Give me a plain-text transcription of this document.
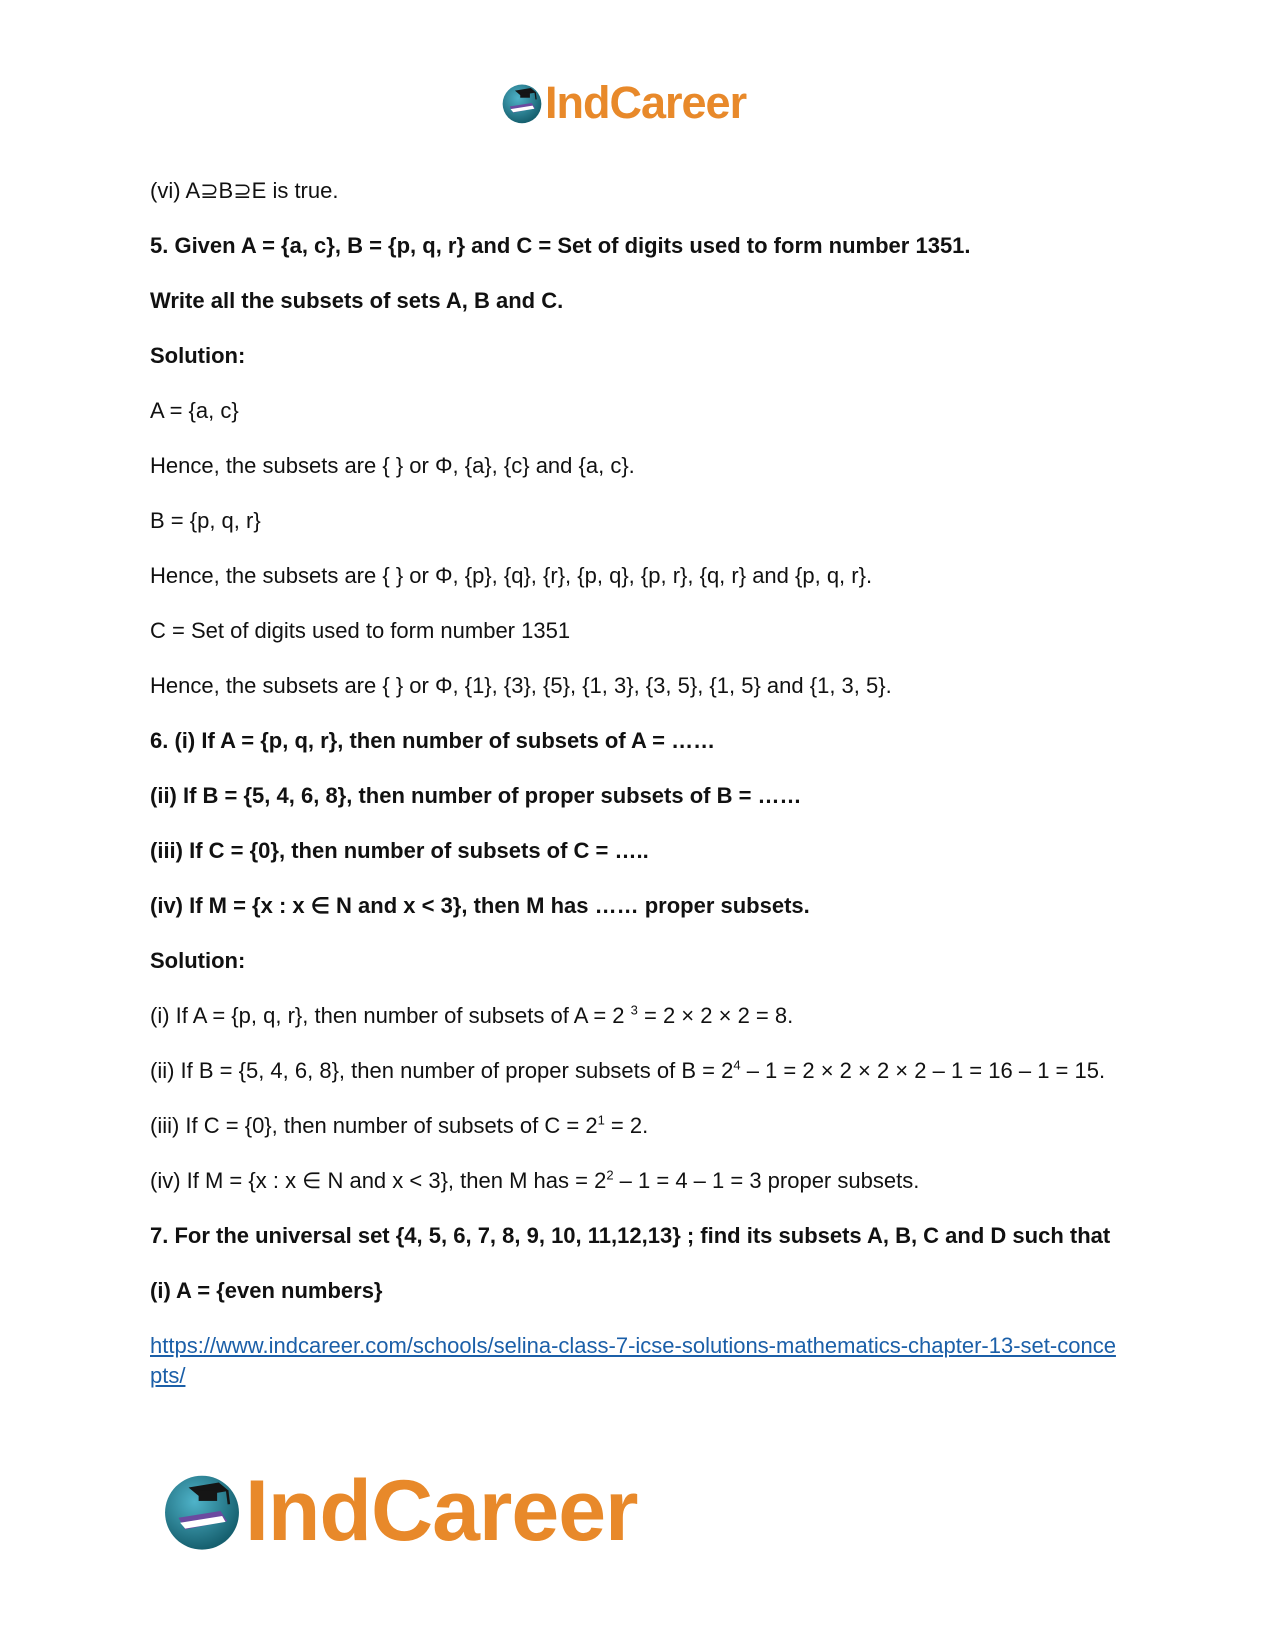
IndCareer

(vi) A⊇B⊇E is true.

5. Given A = {a, c}, B = {p, q, r} and C = Set of digits used to form number 1351.

Write all the subsets of sets A, B and C.

Solution:

A = {a, c}

Hence, the subsets are { } or Φ, {a}, {c} and {a, c}.

B = {p, q, r}

Hence, the subsets are { } or Φ, {p}, {q}, {r}, {p, q}, {p, r}, {q, r} and {p, q, r}.

C = Set of digits used to form number 1351

Hence, the subsets are { } or Φ, {1}, {3}, {5}, {1, 3}, {3, 5}, {1, 5} and {1, 3, 5}.

6. (i) If A = {p, q, r}, then number of subsets of A = ……

(ii) If B = {5, 4, 6, 8}, then number of proper subsets of B = ……

(iii) If C = {0}, then number of subsets of C = …..

(iv) If M = {x : x ∈ N and x < 3}, then M has …… proper subsets.

Solution:

(i) If A = {p, q, r}, then number of subsets of A = 2 $^3$ = 2 × 2 × 2 = 8.

(ii) If B = {5, 4, 6, 8}, then number of proper subsets of $B = 2^4 - 1 = 2 \times 2 \times 2 \times 2 - 1 = 16 - 1 = 15$.

(iii) If C = {0}, then number of subsets of $C = 2^1 = 2$.

(iv) If M = {x : x ∈ N and x < 3}, then M has = $2^2 - 1 = 4 - 1 = 3$ proper subsets.

7. For the universal set {4, 5, 6, 7, 8, 9, 10, 11,12,13} ; find its subsets A, B, C and D such that

(i) A = {even numbers}

https://www.indcareer.com/schools/selina-class-7-icse-solutions-mathematics-chapter-13-set-concepts/

IndCareer
